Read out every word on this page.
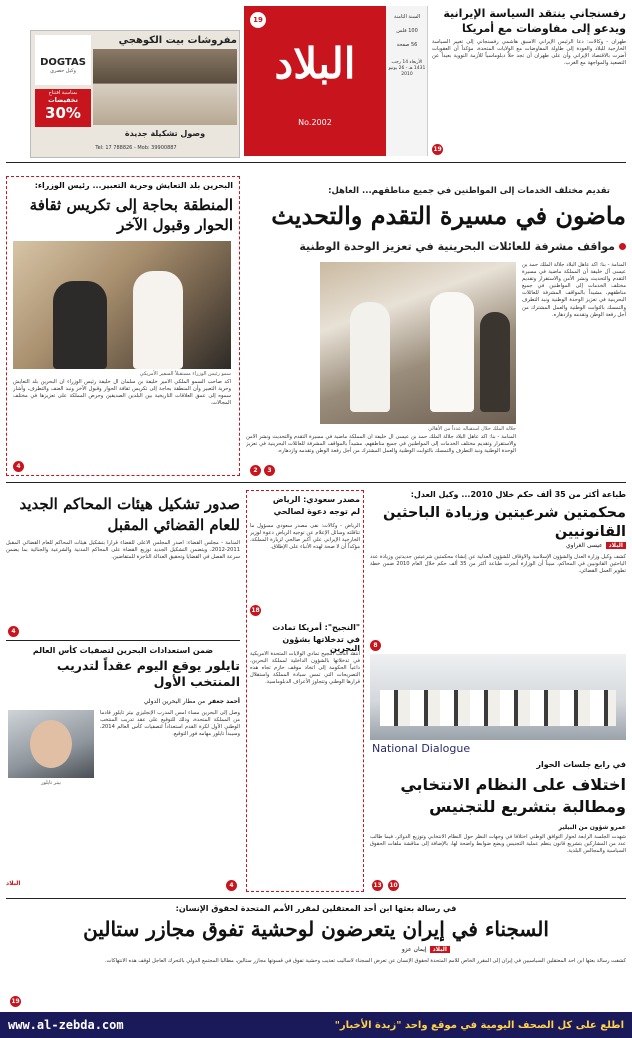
البلاد
No.2002
19	السنة الثامنة
100 فلس
56 صفحة
الأربعاء 14 رجب 1431 هـ - 26 يونيو 2010
رفسنجاني ينتقد السياسة الإيرانية ويدعو إلى مفاوضات مع أمريكا
طهران - وكالات: دعا الرئيس الإيراني الأسبق هاشمي رفسنجاني إلى تغيير السياسة الخارجية للبلاد والعودة إلى طاولة المفاوضات مع الولايات المتحدة، مؤكداً أن العقوبات أضرت بالاقتصاد الإيراني وأن على طهران أن تجد حلاً دبلوماسياً للأزمة النووية بعيداً عن التصعيد والمواجهة مع الغرب.
19
مفروشات بيت الكوهجي
DOGTAS
وكيل حصري
بمناسبة افتتاح
تخفيضات
30%
وصول تشكيلة جديدة
Tel: 17 788826 - Mob: 39900887
تقديم مختلف الخدمات إلى المواطنين في جميع مناطقهم... العاهل:
ماضون في مسيرة التقدم والتحديث
مواقف مشرفة للعائلات البحرينية في تعزيز الوحدة الوطنية
المنامة - بنا: أكد عاهل البلاد جلالة الملك حمد بن عيسى آل خليفة أن المملكة ماضية في مسيرة التقدم والتحديث ونشر الأمن والاستقرار وتقديم مختلف الخدمات إلى المواطنين في جميع مناطقهم، مشيداً بالمواقف المشرفة للعائلات البحرينية في تعزيز الوحدة الوطنية ونبذ التطرف والتمسك بالثوابت الوطنية والعمل المشترك من أجل رفعة الوطن وتقدمه وازدهاره.
جلالة الملك خلال استقباله عدداً من الأهالي
المنامة - بنا: أكد عاهل البلاد جلالة الملك حمد بن عيسى آل خليفة أن المملكة ماضية في مسيرة التقدم والتحديث ونشر الأمن والاستقرار وتقديم مختلف الخدمات إلى المواطنين في جميع مناطقهم، مشيداً بالمواقف المشرفة للعائلات البحرينية في تعزيز الوحدة الوطنية ونبذ التطرف والتمسك بالثوابت الوطنية والعمل المشترك من أجل رفعة الوطن وتقدمه وازدهاره.
2	3
البحرين بلد التعايش وحرية التعبير... رئيس الوزراء:
المنطقة بحاجة إلى تكريس ثقافة الحوار وقبول الآخر
سمو رئيس الوزراء مستقبلاً السفير الأمريكي
أكد صاحب السمو الملكي الأمير خليفة بن سلمان آل خليفة رئيس الوزراء أن البحرين بلد التعايش وحرية التعبير وأن المنطقة بحاجة إلى تكريس ثقافة الحوار وقبول الآخر ونبذ العنف والتطرف، وأشار سموه إلى عمق العلاقات التاريخية بين البلدين الصديقين وحرص المملكة على تعزيزها في مختلف المجالات.
4
طباعة أكثر من 35 ألف حكم خلال 2010... وكيل العدل:
محكمتين شرعيتين وزيادة الباحثين القانونيين
البلاد
عيسى الغراوي
كشف وكيل وزارة العدل والشؤون الإسلامية والأوقاف للشؤون العدلية عن إنشاء محكمتين شرعيتين جديدتين وزيادة عدد الباحثين القانونيين في المحاكم، مبيناً أن الوزارة أنجزت طباعة أكثر من 35 ألف حكم خلال العام 2010 ضمن خطة تطوير العمل القضائي.
8
National Dialogue
في رابع جلسات الحوار
اختلاف على النظام الانتخابي ومطالبة بتشريع للتجنيس
عمرو شؤون من البيلير
شهدت الجلسة الرابعة لحوار التوافق الوطني اختلافاً في وجهات النظر حول النظام الانتخابي وتوزيع الدوائر، فيما طالب عدد من المشاركين بتشريع قانون ينظم عملية التجنيس ويضع ضوابط واضحة لها، بالإضافة إلى مناقشة ملفات الحقوق السياسية والمجالس البلدية.
10
13
مصدر سعودي: الرياض
لم توجه دعوة لصالحي
الرياض - وكالات: نفى مصدر سعودي مسؤول ما تناقلته وسائل الإعلام عن توجيه الرياض دعوة لوزير الخارجية الإيراني علي أكبر صالحي لزيارة المملكة، مؤكداً أن لا صحة لهذه الأنباء على الإطلاق.
18
"النجيح": أمريكا تمادت
في تدخلاتها بشؤون البحرين
انتقد النائب النجيح تمادي الولايات المتحدة الأمريكية في تدخلاتها بالشؤون الداخلية لمملكة البحرين، داعياً الحكومة إلى اتخاذ موقف حازم تجاه هذه التصريحات التي تمس سيادة المملكة واستقلال قرارها الوطني وتتجاوز الأعراف الدبلوماسية.
صدور تشكيل هيئات المحاكم الجديد للعام القضائي المقبل
المنامة - مجلس القضاء: أصدر المجلس الأعلى للقضاء قراراً بتشكيل هيئات المحاكم للعام القضائي المقبل 2011-2012، ويتضمن التشكيل الجديد توزيع القضاة على المحاكم المدنية والشرعية والجنائية بما يضمن سرعة الفصل في القضايا وتحقيق العدالة الناجزة للمتقاضين.
4
ضمن استعدادات البحرين لتصفيات كأس العالم
تايلور يوقع اليوم عقداً لتدريب المنتخب الأول
أحمد جعفر
من مطار البحرين الدولي
بيتر تايلور
وصل إلى البحرين مساء أمس المدرب الإنجليزي بيتر تايلور قادماً من المملكة المتحدة، وذلك للتوقيع على عقد تدريب المنتخب الوطني الأول لكرة القدم استعداداً لتصفيات كأس العالم 2014، وسيبدأ تايلور مهامه فور التوقيع.
البلاد	4
في رسالة بعثها ابن أحد المعتقلين لمقرر الأمم المتحدة لحقوق الإنسان:
السجناء في إيران يتعرضون لوحشية تفوق مجازر ستالين
البلاد
إيمان عزو
كشفت رسالة بعثها ابن أحد المعتقلين السياسيين في إيران إلى المقرر الخاص للأمم المتحدة لحقوق الإنسان عن تعرض السجناء لأساليب تعذيب وحشية تفوق في قسوتها مجازر ستالين، مطالباً المجتمع الدولي بالتحرك العاجل لوقف هذه الانتهاكات.
19
اطلع على كل الصحف اليومية في موقع واحد "زبدة الأخبار"
www.al-zebda.com
